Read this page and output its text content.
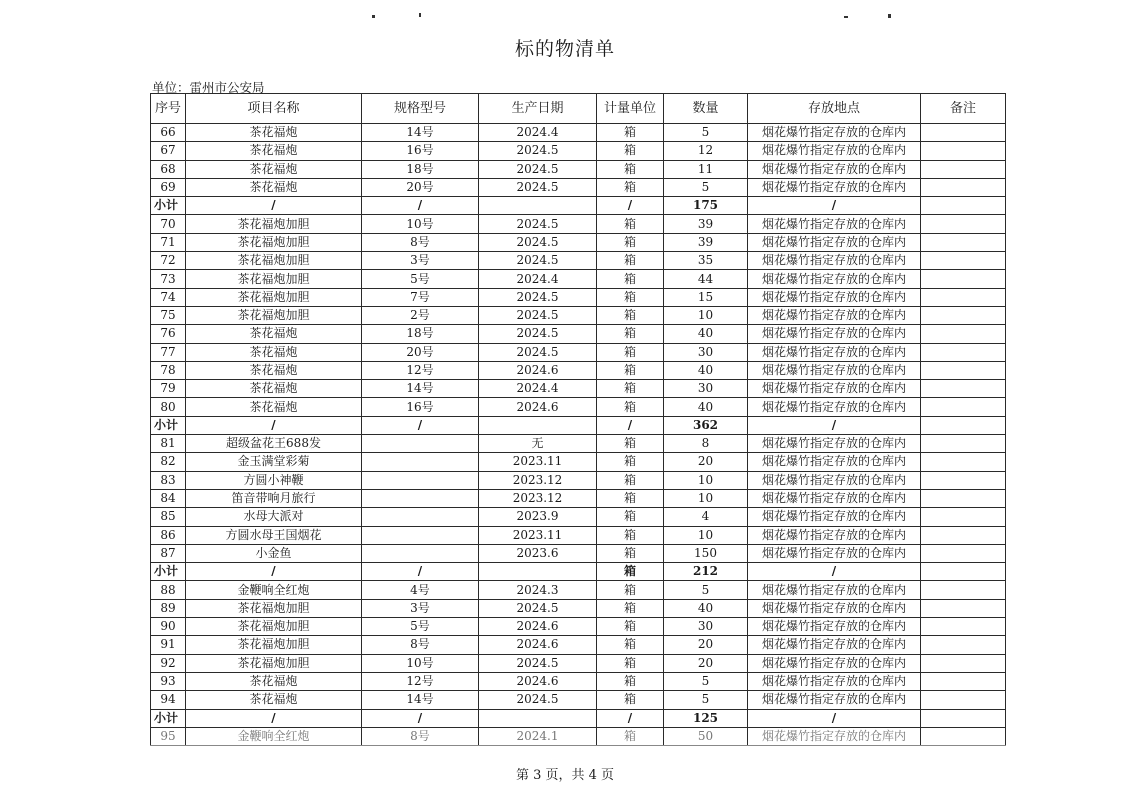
标的物清单
单位：雷州市公安局
序号	项目名称	规格型号	生产日期	计量单位	数量	存放地点	备注
66	茶花福炮	14号	2024.4	箱	5	烟花爆竹指定存放的仓库内	
67	茶花福炮	16号	2024.5	箱	12	烟花爆竹指定存放的仓库内	
68	茶花福炮	18号	2024.5	箱	11	烟花爆竹指定存放的仓库内	
69	茶花福炮	20号	2024.5	箱	5	烟花爆竹指定存放的仓库内	
小计	/	/		/	175	/	
70	茶花福炮加胆	10号	2024.5	箱	39	烟花爆竹指定存放的仓库内	
71	茶花福炮加胆	8号	2024.5	箱	39	烟花爆竹指定存放的仓库内	
72	茶花福炮加胆	3号	2024.5	箱	35	烟花爆竹指定存放的仓库内	
73	茶花福炮加胆	5号	2024.4	箱	44	烟花爆竹指定存放的仓库内	
74	茶花福炮加胆	7号	2024.5	箱	15	烟花爆竹指定存放的仓库内	
75	茶花福炮加胆	2号	2024.5	箱	10	烟花爆竹指定存放的仓库内	
76	茶花福炮	18号	2024.5	箱	40	烟花爆竹指定存放的仓库内	
77	茶花福炮	20号	2024.5	箱	30	烟花爆竹指定存放的仓库内	
78	茶花福炮	12号	2024.6	箱	40	烟花爆竹指定存放的仓库内	
79	茶花福炮	14号	2024.4	箱	30	烟花爆竹指定存放的仓库内	
80	茶花福炮	16号	2024.6	箱	40	烟花爆竹指定存放的仓库内	
小计	/	/		/	362	/	
81	超级盆花王688发		无	箱	8	烟花爆竹指定存放的仓库内	
82	金玉满堂彩菊		2023.11	箱	20	烟花爆竹指定存放的仓库内	
83	方圆小神鞭		2023.12	箱	10	烟花爆竹指定存放的仓库内	
84	笛音带响月旅行		2023.12	箱	10	烟花爆竹指定存放的仓库内	
85	水母大派对		2023.9	箱	4	烟花爆竹指定存放的仓库内	
86	方圆水母王国烟花		2023.11	箱	10	烟花爆竹指定存放的仓库内	
87	小金鱼		2023.6	箱	150	烟花爆竹指定存放的仓库内	
小计	/	/		箱	212	/	
88	金鞭响全红炮	4号	2024.3	箱	5	烟花爆竹指定存放的仓库内	
89	茶花福炮加胆	3号	2024.5	箱	40	烟花爆竹指定存放的仓库内	
90	茶花福炮加胆	5号	2024.6	箱	30	烟花爆竹指定存放的仓库内	
91	茶花福炮加胆	8号	2024.6	箱	20	烟花爆竹指定存放的仓库内	
92	茶花福炮加胆	10号	2024.5	箱	20	烟花爆竹指定存放的仓库内	
93	茶花福炮	12号	2024.6	箱	5	烟花爆竹指定存放的仓库内	
94	茶花福炮	14号	2024.5	箱	5	烟花爆竹指定存放的仓库内	
小计	/	/		/	125	/	
95	金鞭响全红炮	8号	2024.1	箱	50	烟花爆竹指定存放的仓库内	
第 3 页，共 4 页
